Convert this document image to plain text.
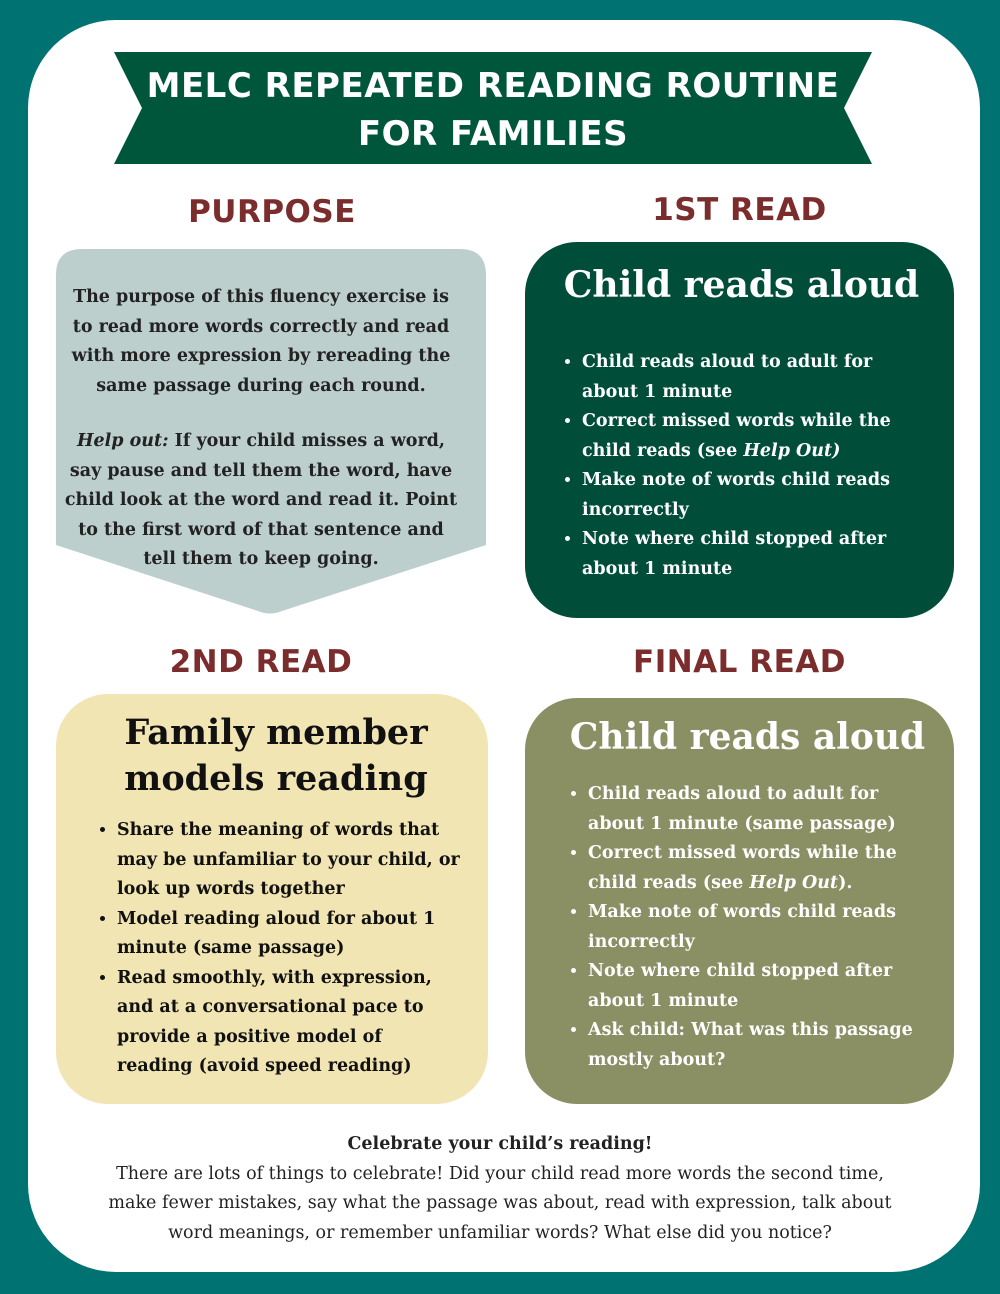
MELC REPEATED READING ROUTINE
FOR FAMILIES
PURPOSE	1ST READ
2ND READ	FINAL READ

The purpose of this fluency exercise is to read more words correctly and read with more expression by rereading the same passage during each round.

Help out: If your child misses a word, say pause and tell them the word, have child look at the word and read it. Point to the first word of that sentence and tell them to keep going.

Child reads aloud
• Child reads aloud to adult for about 1 minute
• Correct missed words while the child reads (see Help Out)
• Make note of words child reads incorrectly
• Note where child stopped after about 1 minute
Family member
models reading
• Share the meaning of words that may be unfamiliar to your child, or look up words together
• Model reading aloud for about 1 minute (same passage)
• Read smoothly, with expression, and at a conversational pace to provide a positive model of reading (avoid speed reading)
Child reads aloud
• Child reads aloud to adult for about 1 minute (same passage)
• Correct missed words while the child reads (see Help Out).
• Make note of words child reads incorrectly
• Note where child stopped after about 1 minute
• Ask child: What was this passage mostly about?
Celebrate your child’s reading!
There are lots of things to celebrate! Did your child read more words the second time, make fewer mistakes, say what the passage was about, read with expression, talk about word meanings, or remember unfamiliar words? What else did you notice?
